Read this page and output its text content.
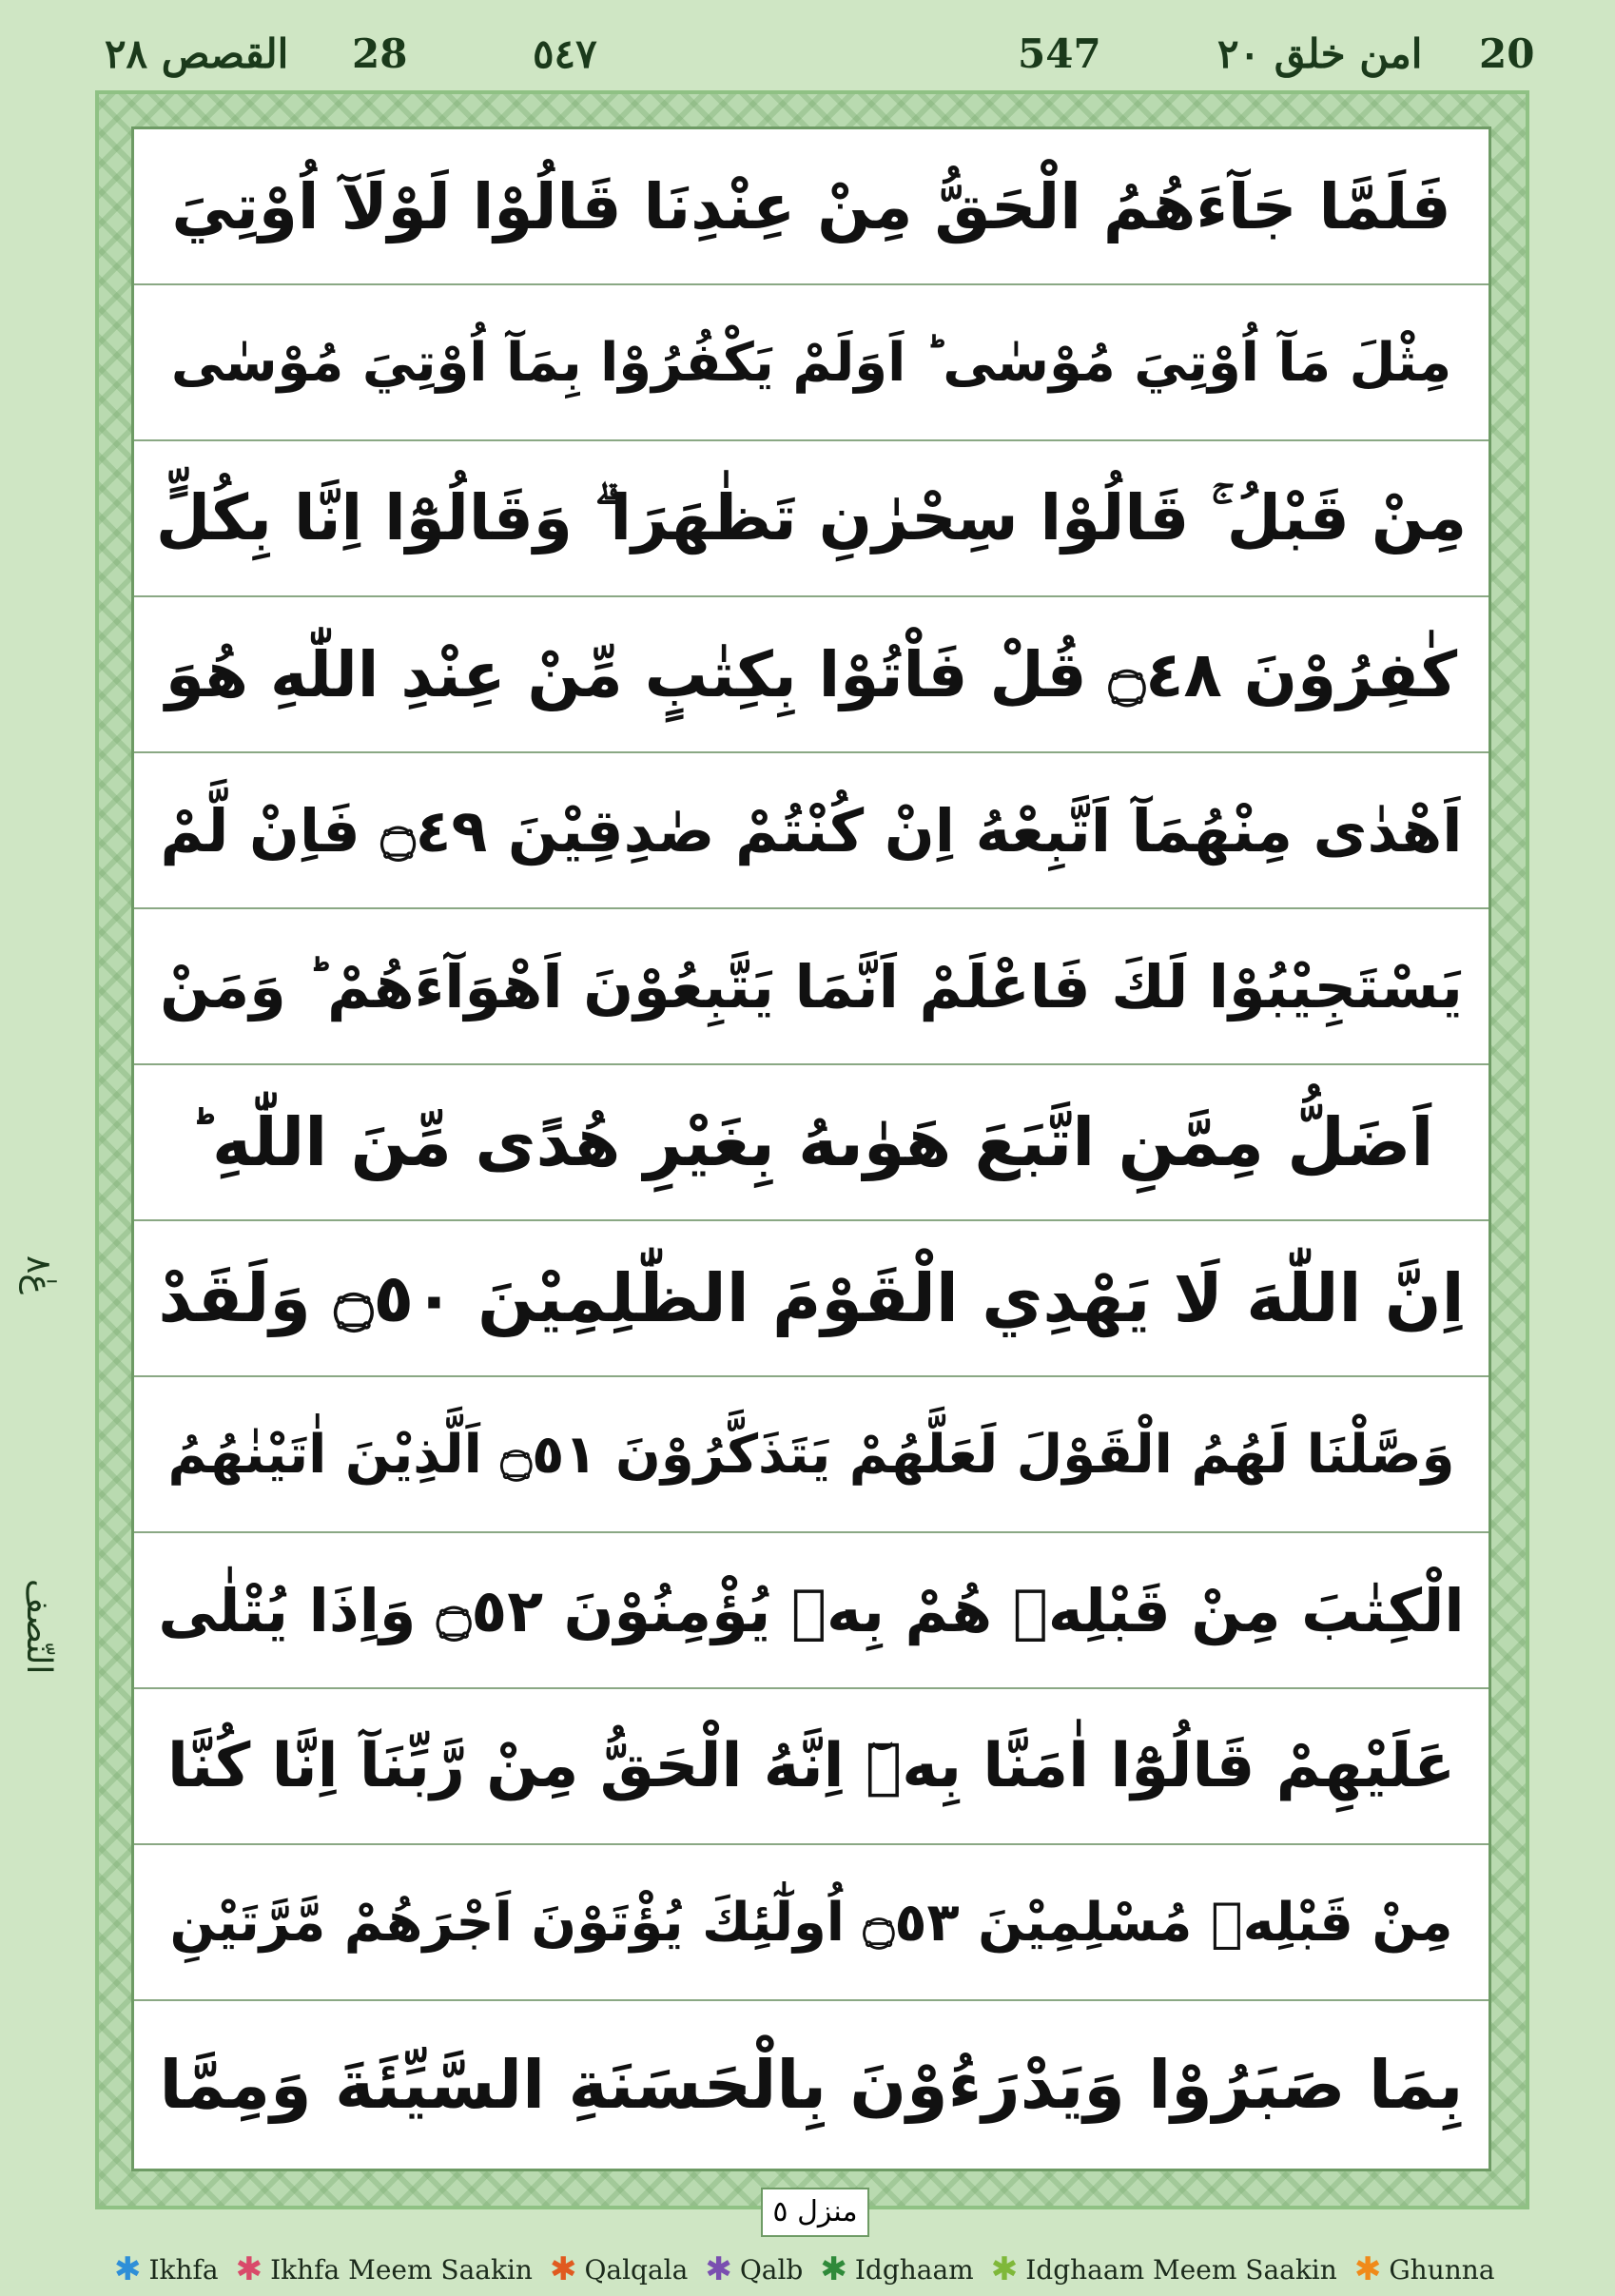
القصص ٢٨ 28	٥٤٧	547	امن خلق ٢٠ 20
عٰ٨
النّصف
فَلَمَّا جَآءَهُمُ الْحَقُّ مِنْ عِنْدِنَا قَالُوْا لَوْلَآ اُوْتِيَ
مِثْلَ مَآ اُوْتِيَ مُوْسٰى ؕ اَوَلَمْ يَكْفُرُوْا بِمَآ اُوْتِيَ مُوْسٰى
مِنْ قَبْلُ ۚ قَالُوْا سِحْرٰنِ تَظٰهَرَا ۗ وَقَالُوْٓا اِنَّا بِكُلٍّ
كٰفِرُوْنَ ۝٤٨ قُلْ فَاْتُوْا بِكِتٰبٍ مِّنْ عِنْدِ اللّٰهِ هُوَ
اَهْدٰى مِنْهُمَآ اَتَّبِعْهُ اِنْ كُنْتُمْ صٰدِقِيْنَ ۝٤٩ فَاِنْ لَّمْ
يَسْتَجِيْبُوْا لَكَ فَاعْلَمْ اَنَّمَا يَتَّبِعُوْنَ اَهْوَآءَهُمْ ؕ وَمَنْ
اَضَلُّ مِمَّنِ اتَّبَعَ هَوٰىهُ بِغَيْرِ هُدًى مِّنَ اللّٰهِ ؕ
اِنَّ اللّٰهَ لَا يَهْدِي الْقَوْمَ الظّٰلِمِيْنَ ۝٥٠ وَلَقَدْ
وَصَّلْنَا لَهُمُ الْقَوْلَ لَعَلَّهُمْ يَتَذَكَّرُوْنَ ۝٥١ اَلَّذِيْنَ اٰتَيْنٰهُمُ
الْكِتٰبَ مِنْ قَبْلِهٖ هُمْ بِهٖ يُؤْمِنُوْنَ ۝٥٢ وَاِذَا يُتْلٰى
عَلَيْهِمْ قَالُوْٓا اٰمَنَّا بِهٖٓ اِنَّهُ الْحَقُّ مِنْ رَّبِّنَآ اِنَّا كُنَّا
مِنْ قَبْلِهٖ مُسْلِمِيْنَ ۝٥٣ اُولٰٓئِكَ يُؤْتَوْنَ اَجْرَهُمْ مَّرَّتَيْنِ
بِمَا صَبَرُوْا وَيَدْرَءُوْنَ بِالْحَسَنَةِ السَّيِّئَةَ وَمِمَّا
منزل ٥
✱ Ikhfa ✱ Ikhfa Meem Saakin ✱ Qalqala ✱ Qalb ✱ Idghaam ✱ Idghaam Meem Saakin ✱ Ghunna
